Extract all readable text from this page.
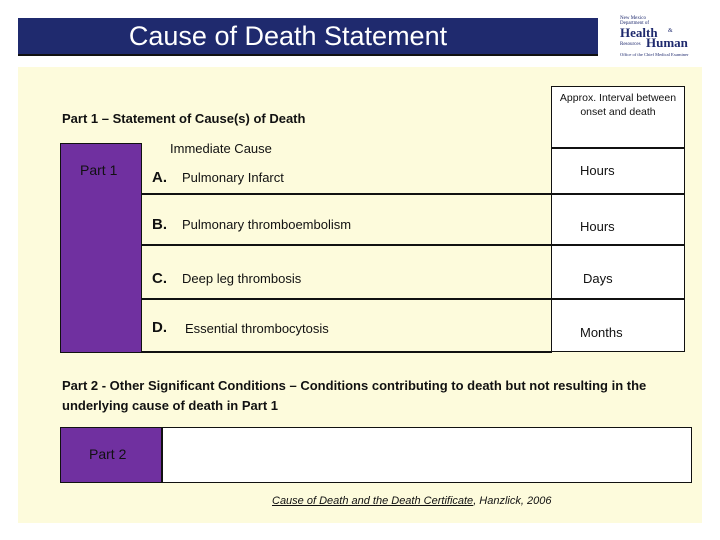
Cause of Death Statement
New Mexico Department of
Health &
Human
Resources
Office of the Chief Medical Examiner
Part 1 – Statement of Cause(s) of Death
Approx. Interval between onset and death
Part 1
Immediate Cause
A. Pulmonary Infarct	Hours
B. Pulmonary thromboembolism	Hours
C. Deep leg thrombosis	Days
D. Essential thrombocytosis	Months
Part 2 - Other Significant Conditions – Conditions contributing to death but not resulting in the underlying cause of death in Part 1
Part 2
Cause of Death and the Death Certificate, Hanzlick, 2006
